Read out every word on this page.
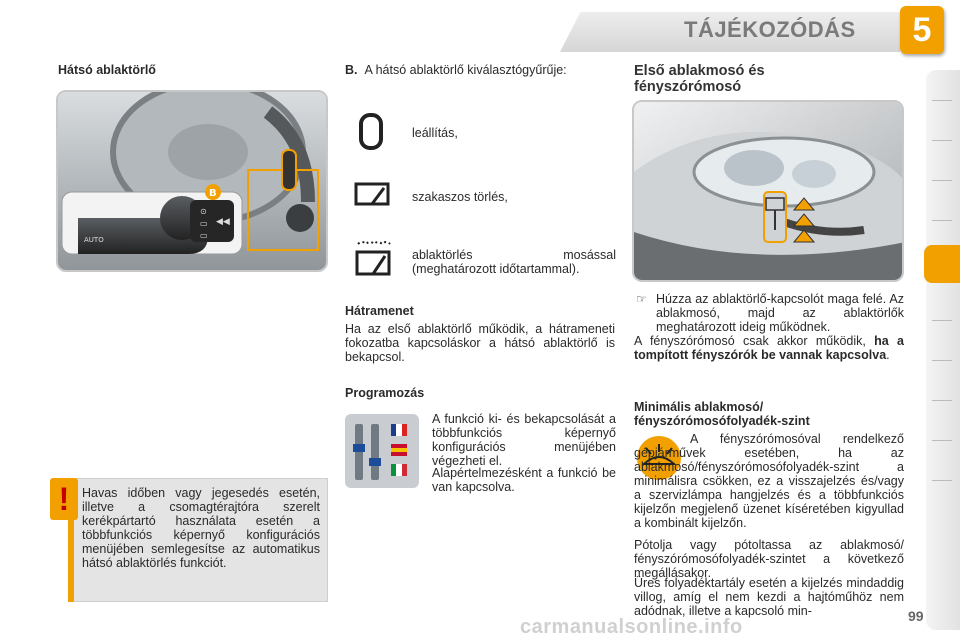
TÁJÉKOZÓDÁS	5
Hátsó ablaktörlő
⊙
▭
▭
◀◀
B
AUTO
!	Havas időben vagy jegesedés esetén, illetve a csomagtérajtóra szerelt kerékpártartó használata esetén a többfunkciós képernyő konfigurációs menüjében semlegesítse az automatikus hátsó ablaktörlés funkciót.
B. A hátsó ablaktörlő kiválasztógyűrűje:
leállítás,
szakaszos törlés,
ablaktörlés mosással (meghatározott időtartammal).
Hátramenet
Ha az első ablaktörlő működik, a hátrameneti fokozatba kapcsoláskor a hátsó ablaktörlő is bekapcsol.
Programozás
A funkció ki- és bekapcsolását a többfunkciós képernyő konfigurációs menüjében végezheti el.
Alapértelmezésként a funkció be van kapcsolva.
Első ablakmosó és fényszórómosó
☞ Húzza az ablaktörlő-kapcsolót maga felé. Az ablakmosó, majd az ablaktörlők meghatározott ideig működnek.
A fényszórómosó csak akkor működik, ha a tompított fényszórók be vannak kapcsolva.
Minimális ablakmosó/ fényszórómosófolyadék-szint
A fényszórómosóval rendelkező gépjárművek esetében, ha az ablakmosó/fényszórómosófolyadék-szint a minimálisra csökken, ez a visszajelzés és/vagy a szervizlámpa hangjelzés és a többfunkciós kijelzőn megjelenő üzenet kíséretében kigyullad a kombinált kijelzőn.
Pótolja vagy pótoltassa az ablakmosó/ fényszórómosófolyadék-szintet a következő megállásakor.
Üres folyadéktartály esetén a kijelzés mindaddig villog, amíg el nem kezdi a hajtóműhöz nem adódnak, illetve a kapcsoló min-	99
carmanualsonline.info
